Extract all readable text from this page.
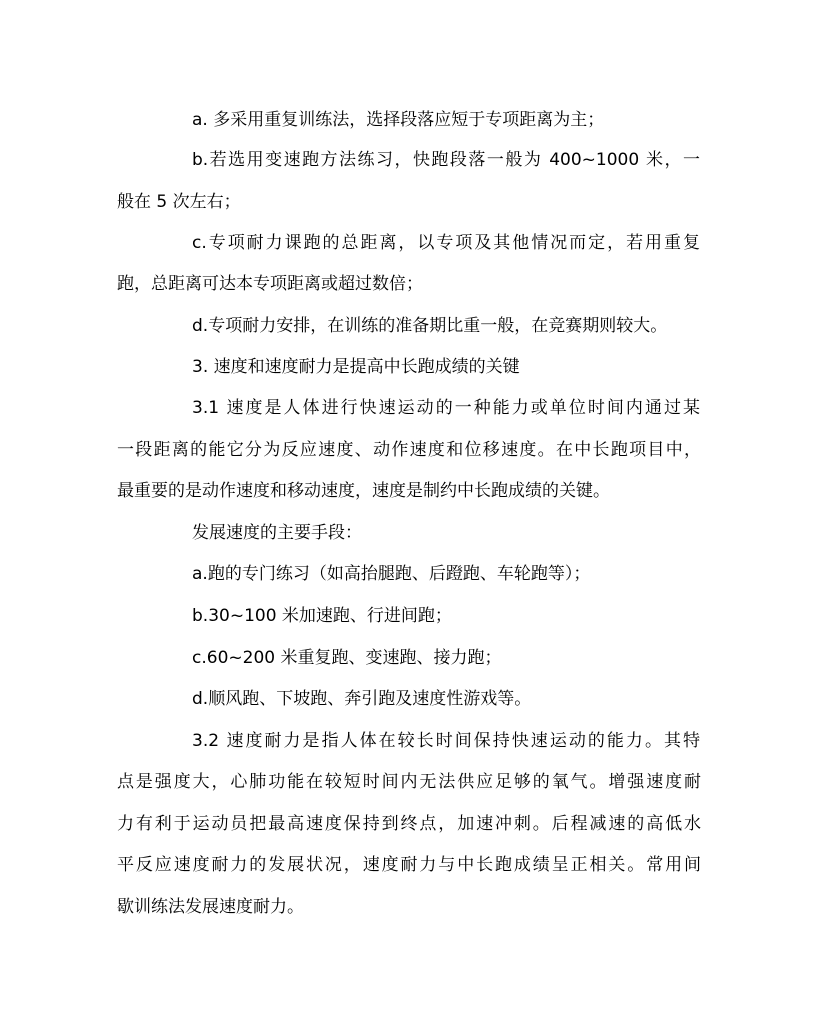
a. 多采用重复训练法，选择段落应短于专项距离为主；
b.若选用变速跑方法练习，快跑段落一般为 400~1000 米，一
般在 5 次左右；
c.专项耐力课跑的总距离，以专项及其他情况而定，若用重复
跑，总距离可达本专项距离或超过数倍；
d.专项耐力安排，在训练的准备期比重一般，在竞赛期则较大。
3. 速度和速度耐力是提高中长跑成绩的关键
3.1 速度是人体进行快速运动的一种能力或单位时间内通过某
一段距离的能它分为反应速度、动作速度和位移速度。在中长跑项目中，
最重要的是动作速度和移动速度，速度是制约中长跑成绩的关键。
发展速度的主要手段：
a.跑的专门练习（如高抬腿跑、后蹬跑、车轮跑等）；
b.30~100 米加速跑、行进间跑；
c.60~200 米重复跑、变速跑、接力跑；
d.顺风跑、下坡跑、奔引跑及速度性游戏等。
3.2 速度耐力是指人体在较长时间保持快速运动的能力。其特
点是强度大，心肺功能在较短时间内无法供应足够的氧气。增强速度耐
力有利于运动员把最高速度保持到终点，加速冲刺。后程减速的高低水
平反应速度耐力的发展状况，速度耐力与中长跑成绩呈正相关。常用间
歇训练法发展速度耐力。
